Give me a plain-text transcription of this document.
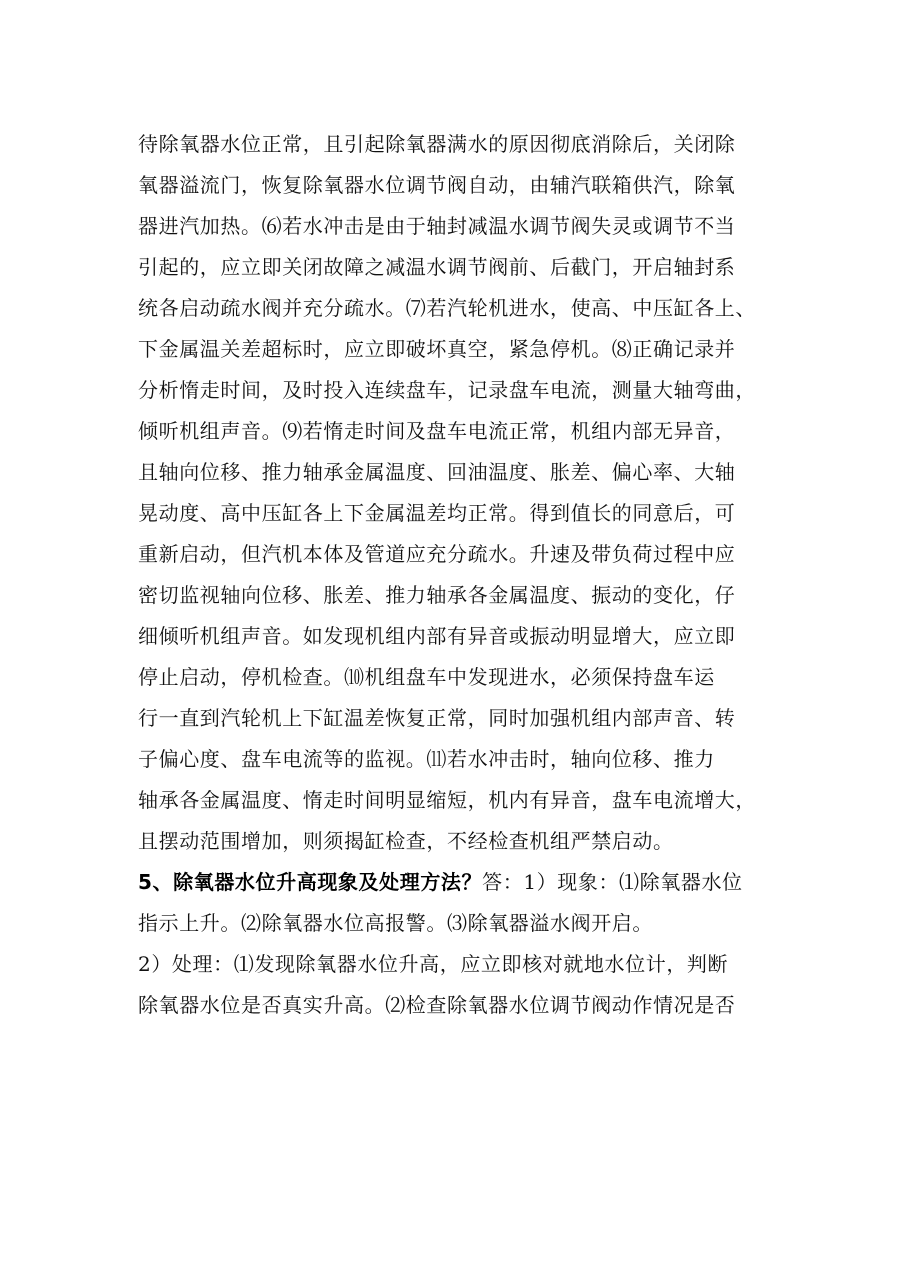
待除氧器水位正常，且引起除氧器满水的原因彻底消除后，关闭除
氧器溢流门，恢复除氧器水位调节阀自动，由辅汽联箱供汽，除氧
器进汽加热。⑹若水冲击是由于轴封减温水调节阀失灵或调节不当
引起的，应立即关闭故障之减温水调节阀前、后截门，开启轴封系
统各启动疏水阀并充分疏水。⑺若汽轮机进水，使高、中压缸各上、
下金属温关差超标时，应立即破坏真空，紧急停机。⑻正确记录并
分析惰走时间，及时投入连续盘车，记录盘车电流，测量大轴弯曲，
倾听机组声音。⑼若惰走时间及盘车电流正常，机组内部无异音，
且轴向位移、推力轴承金属温度、回油温度、胀差、偏心率、大轴
晃动度、高中压缸各上下金属温差均正常。得到值长的同意后，可
重新启动，但汽机本体及管道应充分疏水。升速及带负荷过程中应
密切监视轴向位移、胀差、推力轴承各金属温度、振动的变化，仔
细倾听机组声音。如发现机组内部有异音或振动明显增大，应立即
停止启动，停机检查。⑽机组盘车中发现进水，必须保持盘车运
行一直到汽轮机上下缸温差恢复正常，同时加强机组内部声音、转
子偏心度、盘车电流等的监视。⑾若水冲击时，轴向位移、推力
轴承各金属温度、惰走时间明显缩短，机内有异音，盘车电流增大，
且摆动范围增加，则须揭缸检查，不经检查机组严禁启动。
5、除氧器水位升高现象及处理方法？答：1）现象：⑴除氧器水位
指示上升。⑵除氧器水位高报警。⑶除氧器溢水阀开启。
2）处理：⑴发现除氧器水位升高，应立即核对就地水位计，判断
除氧器水位是否真实升高。⑵检查除氧器水位调节阀动作情况是否
